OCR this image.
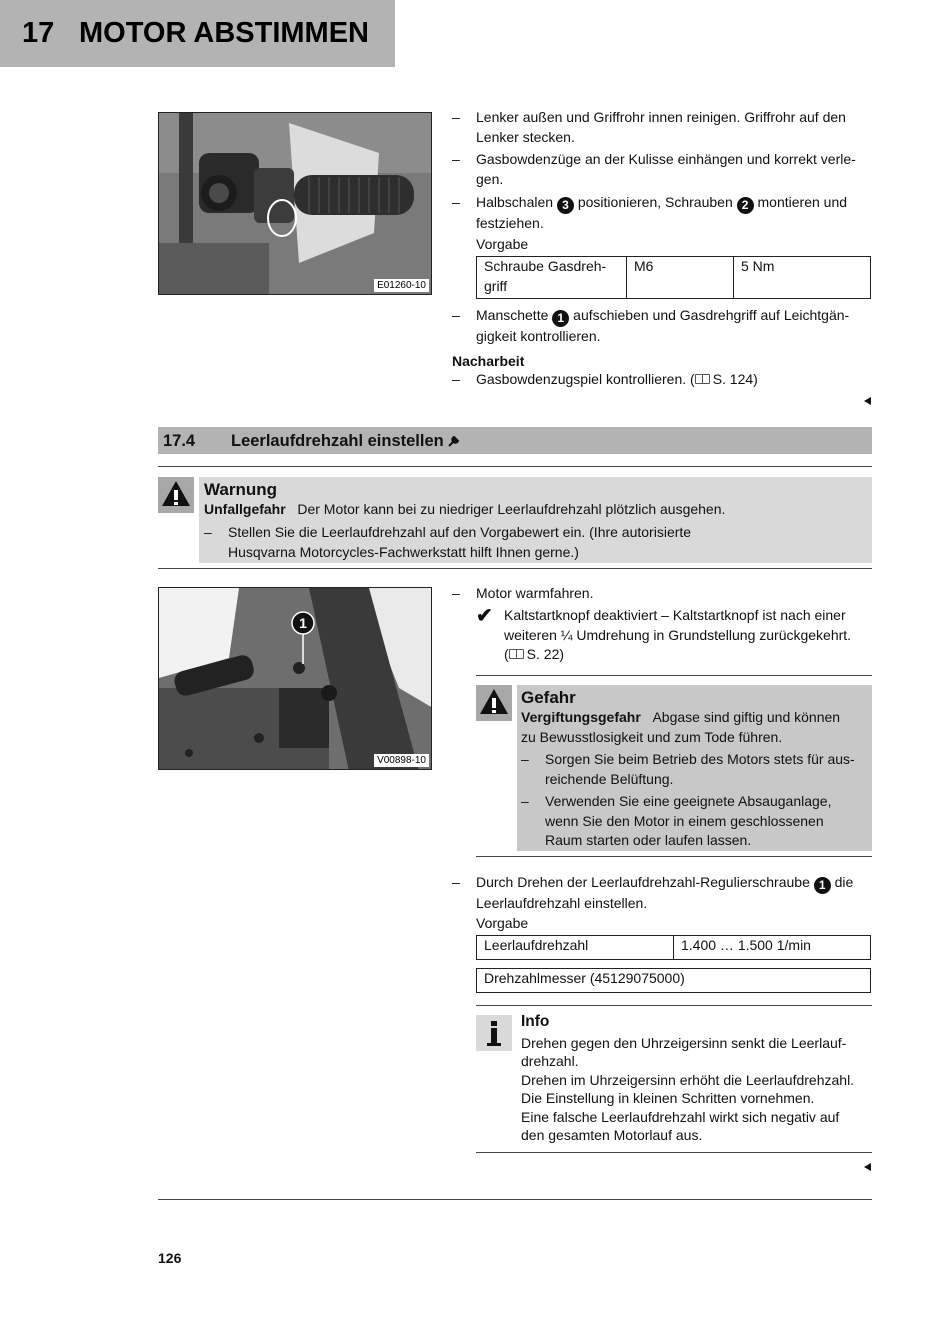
17 MOTOR ABSTIMMEN
E01260-10
– Lenker außen und Griffrohr innen reinigen. Griffrohr auf den
Lenker stecken.
– Gasbowdenzüge an der Kulisse einhängen und korrekt verle-
gen.
– Halbschalen 3 positionieren, Schrauben 2 montieren und
festziehen.
Vorgabe
Schraube Gasdreh-
griff	M6	5 Nm
– Manschette 1 aufschieben und Gasdrehgriff auf Leichtgän-
gigkeit kontrollieren.
Nacharbeit
– Gasbowdenzugspiel kontrollieren. ( S. 124)
17.4 Leerlaufdrehzahl einstellen
Warnung
Unfallgefahr Der Motor kann bei zu niedriger Leerlaufdrehzahl plötzlich ausgehen.
– Stellen Sie die Leerlaufdrehzahl auf den Vorgabewert ein. (Ihre autorisierte
Husqvarna Motorcycles-Fachwerkstatt hilft Ihnen gerne.)
1
V00898-10
– Motor warmfahren.
✔ Kaltstartknopf deaktiviert – Kaltstartknopf ist nach einer
weiteren ¼ Umdrehung in Grundstellung zurückgekehrt.
( S. 22)
Gefahr
Vergiftungsgefahr Abgase sind giftig und können
zu Bewusstlosigkeit und zum Tode führen.
– Sorgen Sie beim Betrieb des Motors stets für aus-
reichende Belüftung.
– Verwenden Sie eine geeignete Absauganlage,
wenn Sie den Motor in einem geschlossenen
Raum starten oder laufen lassen.
– Durch Drehen der Leerlaufdrehzahl-Regulierschraube 1 die
Leerlaufdrehzahl einstellen.
Vorgabe
Leerlaufdrehzahl	1.400 … 1.500 1/min
Drehzahlmesser (45129075000)
Info
Drehen gegen den Uhrzeigersinn senkt die Leerlauf-
drehzahl.
Drehen im Uhrzeigersinn erhöht die Leerlaufdrehzahl.
Die Einstellung in kleinen Schritten vornehmen.
Eine falsche Leerlaufdrehzahl wirkt sich negativ auf
den gesamten Motorlauf aus.
126
